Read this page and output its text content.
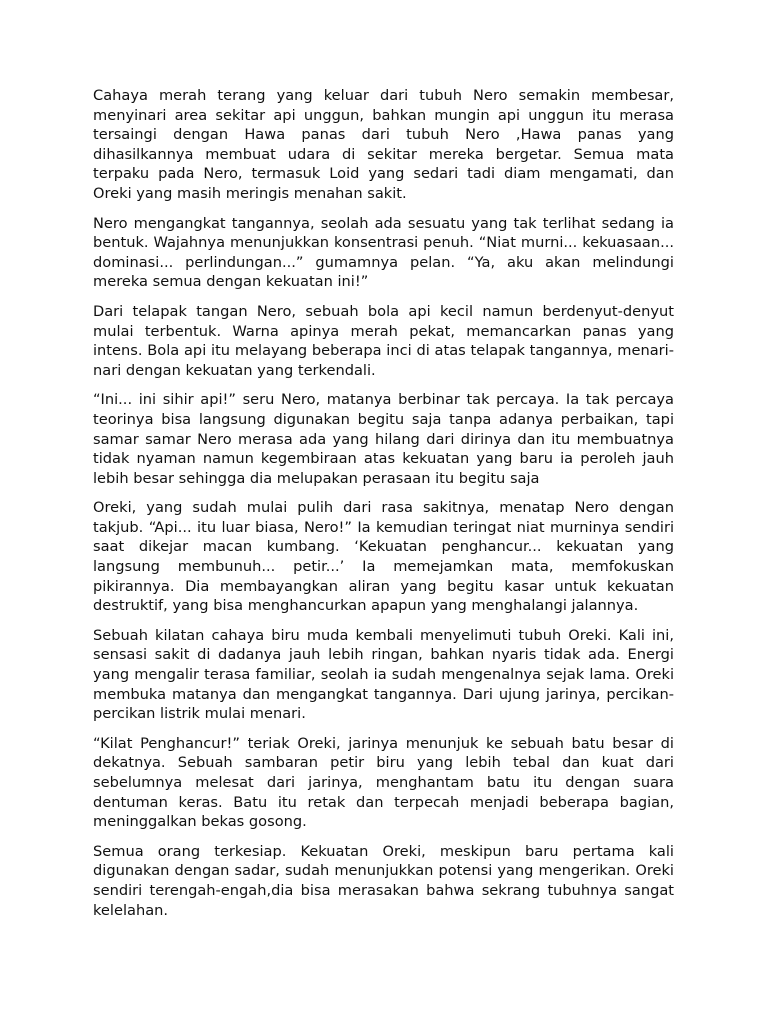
Cahaya merah terang yang keluar dari tubuh Nero semakin membesar, menyinari area sekitar api unggun, bahkan mungin api unggun itu merasa tersaingi dengan Hawa panas dari tubuh Nero ,Hawa panas yang dihasilkannya membuat udara di sekitar mereka bergetar. Semua mata terpaku pada Nero, termasuk Loid yang sedari tadi diam mengamati, dan Oreki yang masih meringis menahan sakit.

Nero mengangkat tangannya, seolah ada sesuatu yang tak terlihat sedang ia bentuk. Wajahnya menunjukkan konsentrasi penuh. “Niat murni... kekuasaan... dominasi... perlindungan...” gumamnya pelan. “Ya, aku akan melindungi mereka semua dengan kekuatan ini!”

Dari telapak tangan Nero, sebuah bola api kecil namun berdenyut-denyut mulai terbentuk. Warna apinya merah pekat, memancarkan panas yang intens. Bola api itu melayang beberapa inci di atas telapak tangannya, menari-nari dengan kekuatan yang terkendali.

“Ini... ini sihir api!” seru Nero, matanya berbinar tak percaya. Ia tak percaya teorinya bisa langsung digunakan begitu saja tanpa adanya perbaikan, tapi samar samar Nero merasa ada yang hilang dari dirinya dan itu membuatnya tidak nyaman namun kegembiraan atas kekuatan yang baru ia peroleh jauh lebih besar sehingga dia melupakan perasaan itu begitu saja

Oreki, yang sudah mulai pulih dari rasa sakitnya, menatap Nero dengan takjub. “Api... itu luar biasa, Nero!” Ia kemudian teringat niat murninya sendiri saat dikejar macan kumbang. ‘Kekuatan penghancur... kekuatan yang langsung membunuh... petir...’ Ia memejamkan mata, memfokuskan pikirannya. Dia membayangkan aliran yang begitu kasar untuk kekuatan destruktif, yang bisa menghancurkan apapun yang menghalangi jalannya.

Sebuah kilatan cahaya biru muda kembali menyelimuti tubuh Oreki. Kali ini, sensasi sakit di dadanya jauh lebih ringan, bahkan nyaris tidak ada. Energi yang mengalir terasa familiar, seolah ia sudah mengenalnya sejak lama. Oreki membuka matanya dan mengangkat tangannya. Dari ujung jarinya, percikan-percikan listrik mulai menari.

“Kilat Penghancur!” teriak Oreki, jarinya menunjuk ke sebuah batu besar di dekatnya. Sebuah sambaran petir biru yang lebih tebal dan kuat dari sebelumnya melesat dari jarinya, menghantam batu itu dengan suara dentuman keras. Batu itu retak dan terpecah menjadi beberapa bagian, meninggalkan bekas gosong.

Semua orang terkesiap. Kekuatan Oreki, meskipun baru pertama kali digunakan dengan sadar, sudah menunjukkan potensi yang mengerikan. Oreki sendiri terengah-engah,dia bisa merasakan bahwa sekrang tubuhnya sangat kelelahan.
